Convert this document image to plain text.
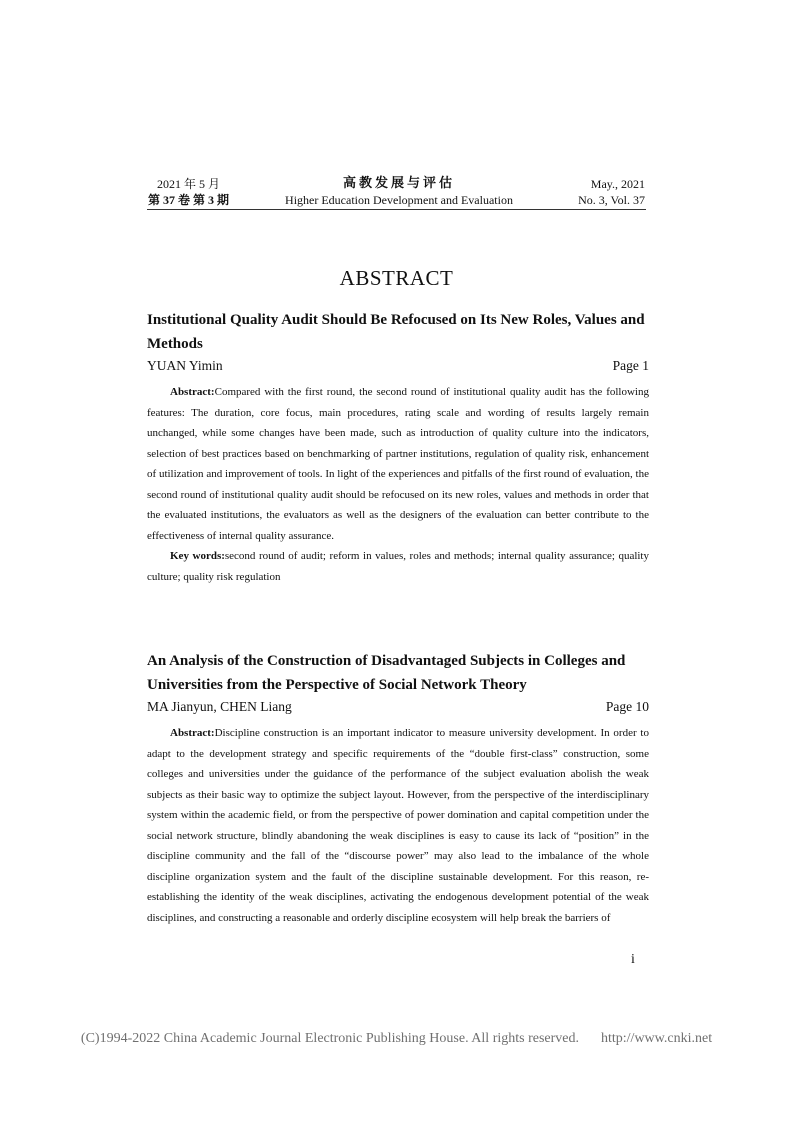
2021 年 5 月
第 37 卷 第 3 期
高教发展与评估
Higher Education Development and Evaluation
May., 2021
No. 3, Vol. 37
ABSTRACT
Institutional Quality Audit Should Be Refocused on Its New Roles, Values and Methods
YUAN Yimin	Page 1
Abstract:Compared with the first round, the second round of institutional quality audit has the following features: The duration, core focus, main procedures, rating scale and wording of results largely remain unchanged, while some changes have been made, such as introduction of quality culture into the indicators, selection of best practices based on benchmarking of partner institutions, regulation of quality risk, enhancement of utilization and improvement of tools. In light of the experiences and pitfalls of the first round of evaluation, the second round of institutional quality audit should be refocused on its new roles, values and methods in order that the evaluated institutions, the evaluators as well as the designers of the evaluation can better contribute to the effectiveness of internal quality assurance.
Key words:second round of audit; reform in values, roles and methods; internal quality assurance; quality culture; quality risk regulation
An Analysis of the Construction of Disadvantaged Subjects in Colleges and Universities from the Perspective of Social Network Theory
MA Jianyun, CHEN Liang	Page 10
Abstract:Discipline construction is an important indicator to measure university development. In order to adapt to the development strategy and specific requirements of the “double first-class” construction, some colleges and universities under the guidance of the performance of the subject evaluation abolish the weak subjects as their basic way to optimize the subject layout. However, from the perspective of the interdisciplinary system within the academic field, or from the perspective of power domination and capital competition under the social network structure, blindly abandoning the weak disciplines is easy to cause its lack of “position” in the discipline community and the fall of the “discourse power” may also lead to the imbalance of the whole discipline organization system and the fault of the discipline sustainable development. For this reason, re-establishing the identity of the weak disciplines, activating the endogenous development potential of the weak disciplines, and constructing a reasonable and orderly discipline ecosystem will help break the barriers of
i
(C)1994-2022 China Academic Journal Electronic Publishing House. All rights reserved. http://www.cnki.net
